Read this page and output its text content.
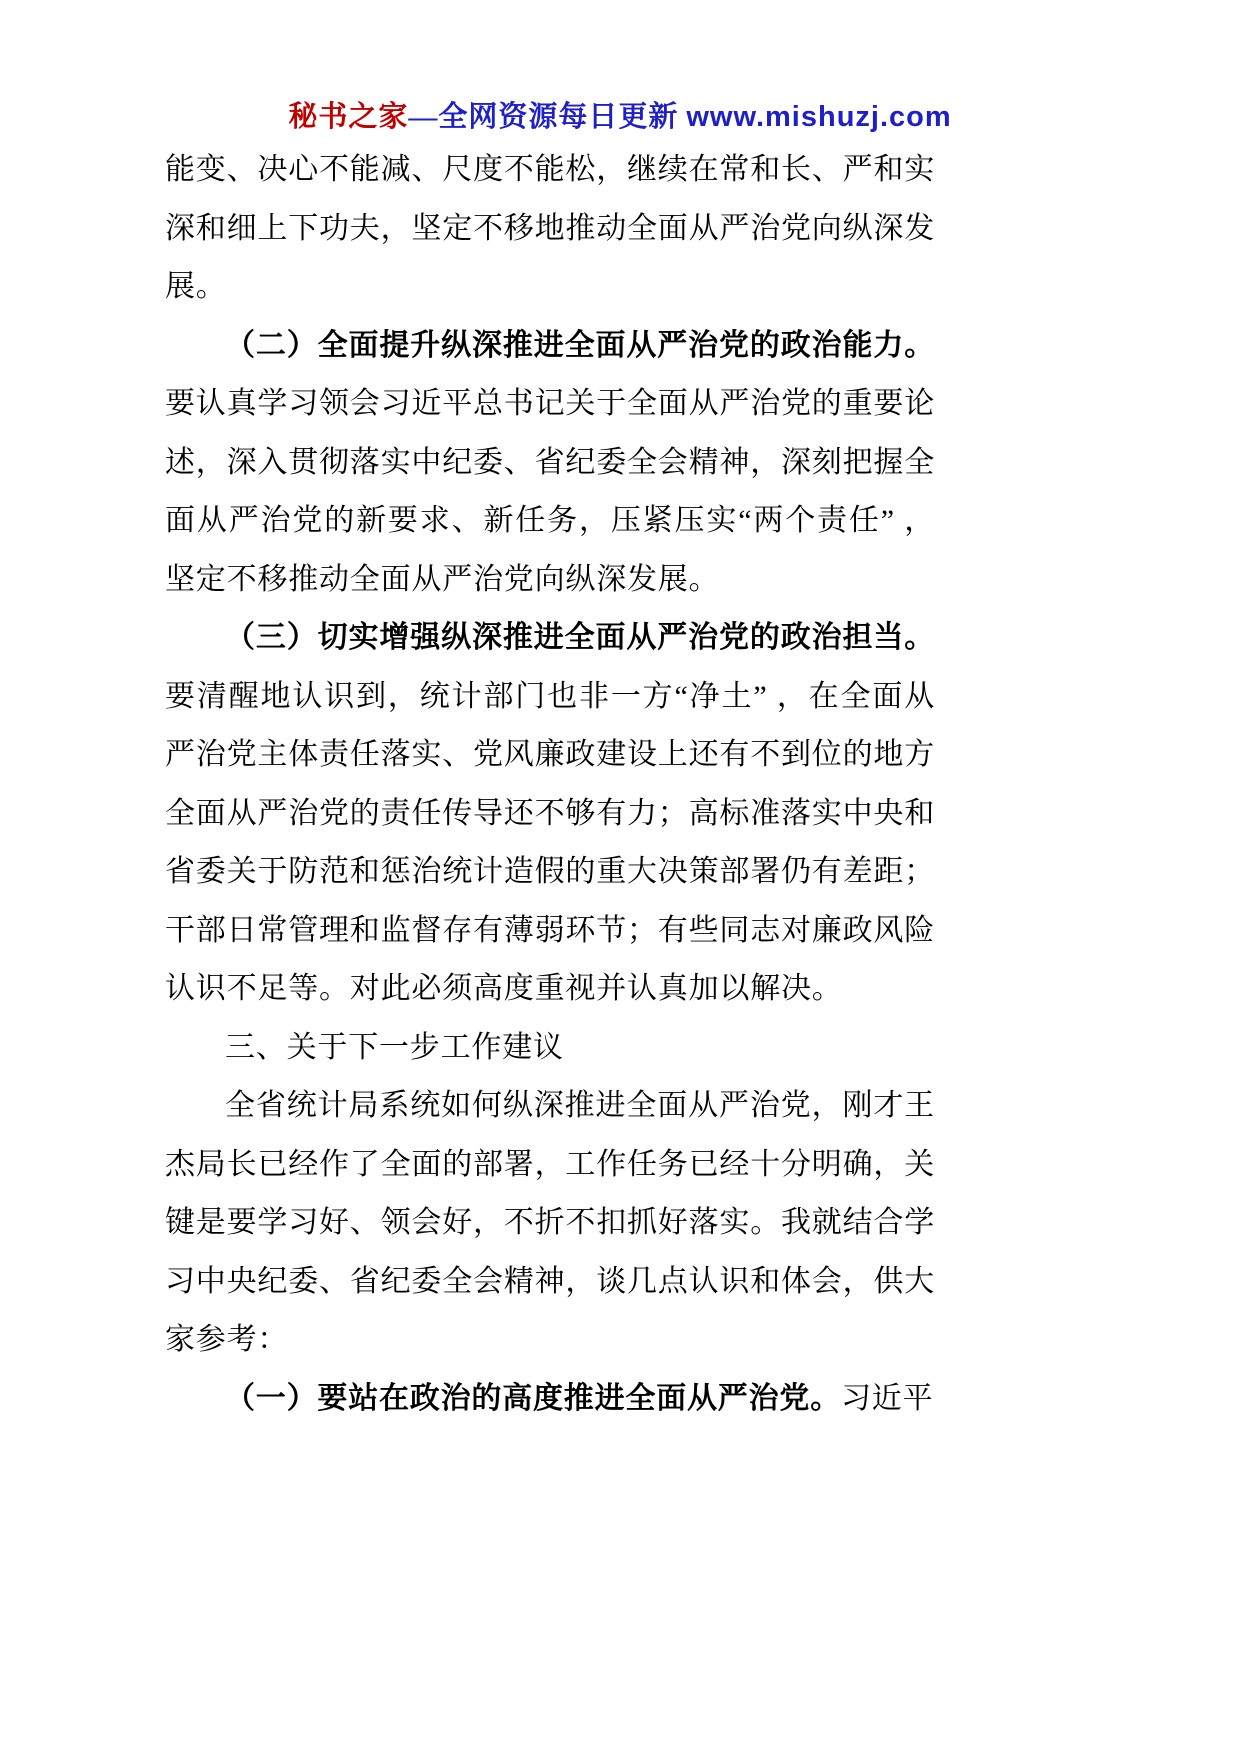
秘书之家—全网资源每日更新 www.mishuzj.com

能变、决心不能减、尺度不能松，继续在常和长、严和实深和细上下功夫，坚定不移地推动全面从严治党向纵深发展。

（二）全面提升纵深推进全面从严治党的政治能力。要认真学习领会习近平总书记关于全面从严治党的重要论述，深入贯彻落实中纪委、省纪委全会精神，深刻把握全面从严治党的新要求、新任务，压紧压实“两个责任” ，坚定不移推动全面从严治党向纵深发展。

（三）切实增强纵深推进全面从严治党的政治担当。要清醒地认识到，统计部门也非一方“净土” ，在全面从严治党主体责任落实、党风廉政建设上还有不到位的地方全面从严治党的责任传导还不够有力；高标准落实中央和省委关于防范和惩治统计造假的重大决策部署仍有差距；干部日常管理和监督存有薄弱环节；有些同志对廉政风险认识不足等。对此必须高度重视并认真加以解决。

三、关于下一步工作建议

全省统计局系统如何纵深推进全面从严治党，刚才王杰局长已经作了全面的部署，工作任务已经十分明确，关键是要学习好、领会好，不折不扣抓好落实。我就结合学习中央纪委、省纪委全会精神，谈几点认识和体会，供大家参考：

（一）要站在政治的高度推进全面从严治党。习近平
